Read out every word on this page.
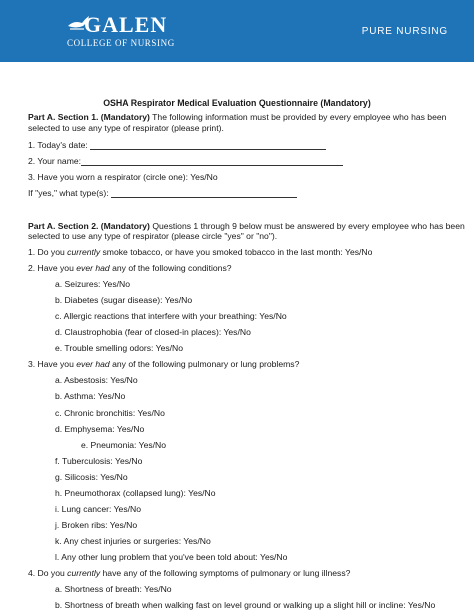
GALEN
COLLEGE OF NURSING
PURE NURSING
OSHA Respirator Medical Evaluation Questionnaire (Mandatory)
Part A. Section 1. (Mandatory) The following information must be provided by every employee who has been
selected to use any type of respirator (please print).
1. Today's date:
2. Your name:
3. Have you worn a respirator (circle one): Yes/No
If "yes," what type(s):
Part A. Section 2. (Mandatory) Questions 1 through 9 below must be answered by every employee who has been
selected to use any type of respirator (please circle "yes" or "no").
1. Do you currently smoke tobacco, or have you smoked tobacco in the last month: Yes/No
2. Have you ever had any of the following conditions?
a. Seizures: Yes/No
b. Diabetes (sugar disease): Yes/No
c. Allergic reactions that interfere with your breathing: Yes/No
d. Claustrophobia (fear of closed-in places): Yes/No
e. Trouble smelling odors: Yes/No
3. Have you ever had any of the following pulmonary or lung problems?
a. Asbestosis: Yes/No
b. Asthma: Yes/No
c. Chronic bronchitis: Yes/No
d. Emphysema: Yes/No
e. Pneumonia: Yes/No
f. Tuberculosis: Yes/No
g. Silicosis: Yes/No
h. Pneumothorax (collapsed lung): Yes/No
i. Lung cancer: Yes/No
j. Broken ribs: Yes/No
k. Any chest injuries or surgeries: Yes/No
l. Any other lung problem that you've been told about: Yes/No
4. Do you currently have any of the following symptoms of pulmonary or lung illness?
a. Shortness of breath: Yes/No
b. Shortness of breath when walking fast on level ground or walking up a slight hill or incline: Yes/No
